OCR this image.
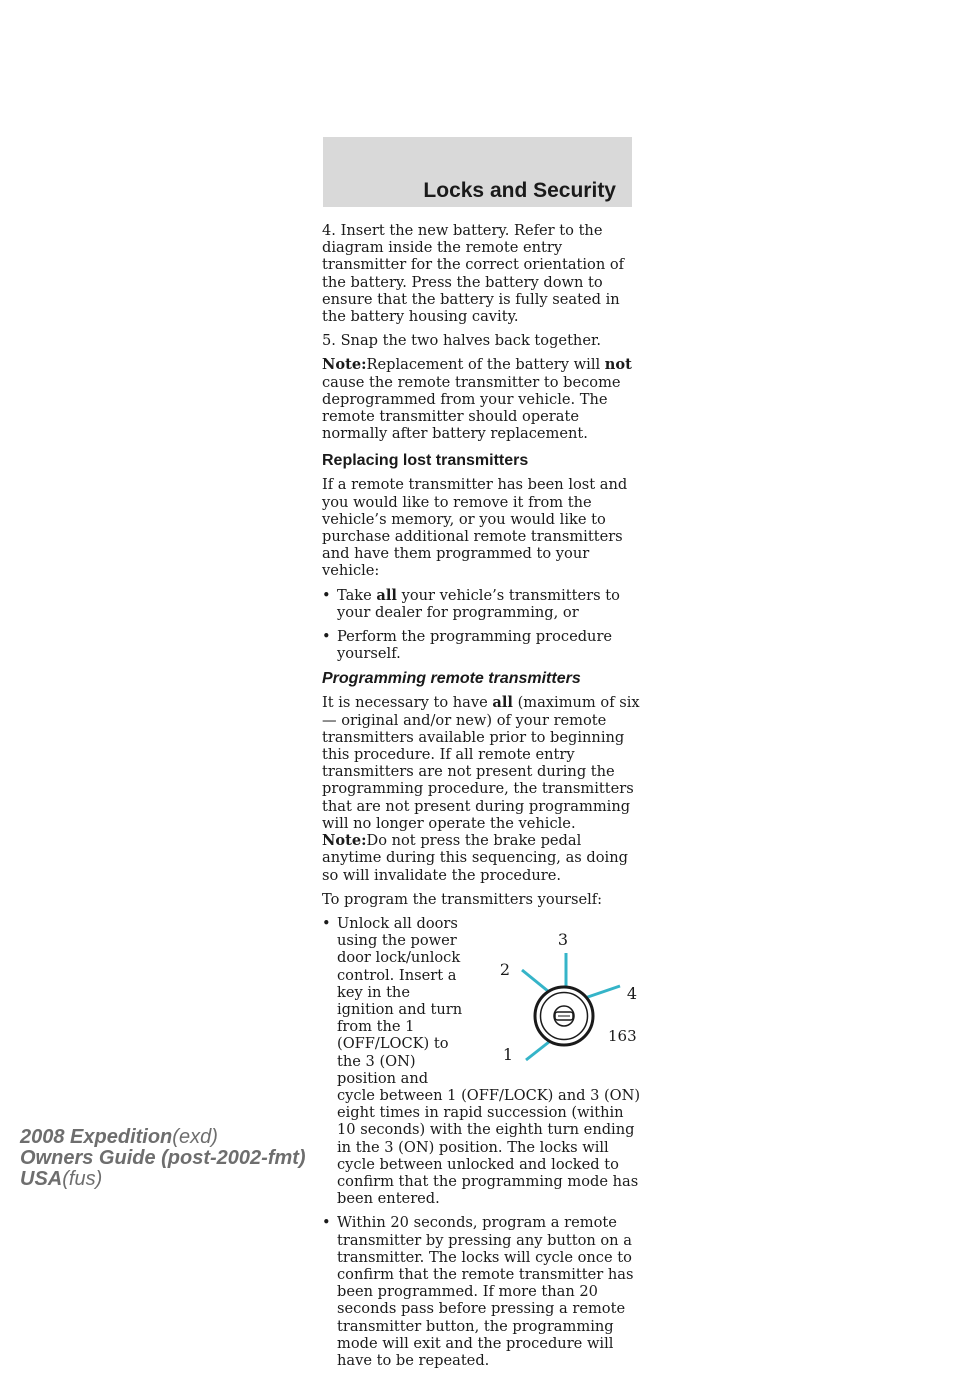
Locks and Security

4. Insert the new battery. Refer to the diagram inside the remote entry transmitter for the correct orientation of the battery. Press the battery down to ensure that the battery is fully seated in the battery housing cavity.

5. Snap the two halves back together.

Note:Replacement of the battery will not cause the remote transmitter to become deprogrammed from your vehicle. The remote transmitter should operate normally after battery replacement.

Replacing lost transmitters

If a remote transmitter has been lost and you would like to remove it from the vehicle’s memory, or you would like to purchase additional remote transmitters and have them programmed to your vehicle:

• Take all your vehicle’s transmitters to your dealer for programming, or
• Perform the programming procedure yourself.
Programming remote transmitters

It is necessary to have all (maximum of six — original and/or new) of your remote transmitters available prior to beginning this procedure. If all remote entry transmitters are not present during the programming procedure, the transmitters that are not present during programming will no longer operate the vehicle. Note:Do not press the brake pedal anytime during this sequencing, as doing so will invalidate the procedure.

To program the transmitters yourself:

3
2
4
1
• Unlock all doors using the power door lock/unlock control. Insert a key in the ignition and turn from the 1 (OFF/LOCK) to the 3 (ON) position and cycle between 1 (OFF/LOCK) and 3 (ON) eight times in rapid succession (within 10 seconds) with the eighth turn ending in the 3 (ON) position. The locks will cycle between unlocked and locked to confirm that the programming mode has been entered.
• Within 20 seconds, program a remote transmitter by pressing any button on a transmitter. The locks will cycle once to confirm that the remote transmitter has been programmed. If more than 20 seconds pass before pressing a remote transmitter button, the programming mode will exit and the procedure will have to be repeated.
163
2008 Expedition(exd)
Owners Guide (post-2002-fmt)
USA(fus)
